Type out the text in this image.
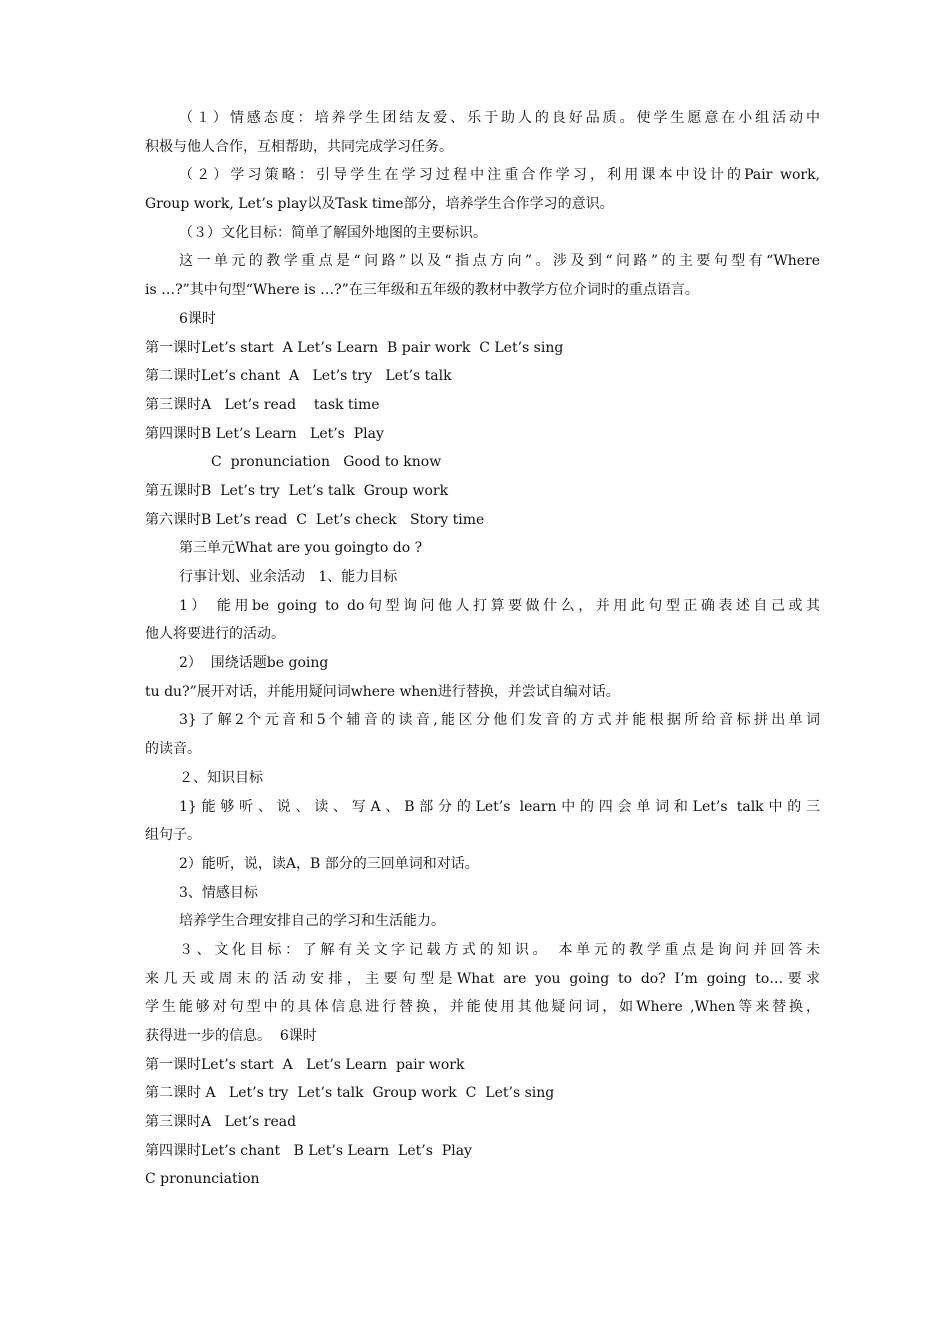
（１）情感态度：培养学生团结友爱、乐于助人的良好品质。使学生愿意在小组活动中
积极与他人合作，互相帮助，共同完成学习任务。
（２）学习策略：引导学生在学习过程中注重合作学习，利用课本中设计的Pair work,
Group work, Let’s play以及Task time部分，培养学生合作学习的意识。
（３）文化目标：简单了解国外地图的主要标识。
这一单元的教学重点是“问路”以及“指点方向”。涉及到“问路”的主要句型有“Where
is …?”其中句型“Where is …?”在三年级和五年级的教材中教学方位介词时的重点语言。
6课时
第一课时Let’s start  A Let’s Learn  B pair work  C Let’s sing
第二课时Let’s chant  A   Let’s try   Let’s talk
第三课时A   Let’s read    task time
第四课时B Let’s Learn   Let’s  Play
C  pronunciation   Good to know
第五课时B  Let’s try  Let’s talk  Group work
第六课时B Let’s read  C  Let’s check   Story time
第三单元What are you goingto do ?
行事计划、业余活动   1、能力目标
1） 能用be going to do句型询问他人打算要做什么，并用此句型正确表述自己或其
他人将要进行的活动。
2）  围绕话题be going
tu du?”展开对话，并能用疑问词where when进行替换，并尝试自编对话。
3}了解2个元音和5个辅音的读音,能区分他们发音的方式并能根据所给音标拼出单词
的读音。
２、知识目标
1}能够听、说、读、写A、B部分的Let’s learn中的四会单词和Let’s talk中的三
组句子。
2）能听，说，读A，B 部分的三回单词和对话。
3、情感目标
培养学生合理安排自己的学习和生活能力。
３、文化目标：了解有关文字记载方式的知识。 本单元的教学重点是询问并回答未
来几天或周末的活动安排，主要句型是What are you going to do? I’m going to…要求
学生能够对句型中的具体信息进行替换，并能使用其他疑问词，如Where ,When等来替换，
获得进一步的信息。  6课时
第一课时Let’s start  A   Let’s Learn  pair work
第二课时 A   Let’s try  Let’s talk  Group work  C  Let’s sing
第三课时A   Let’s read
第四课时Let’s chant   B Let’s Learn  Let’s  Play
C pronunciation
